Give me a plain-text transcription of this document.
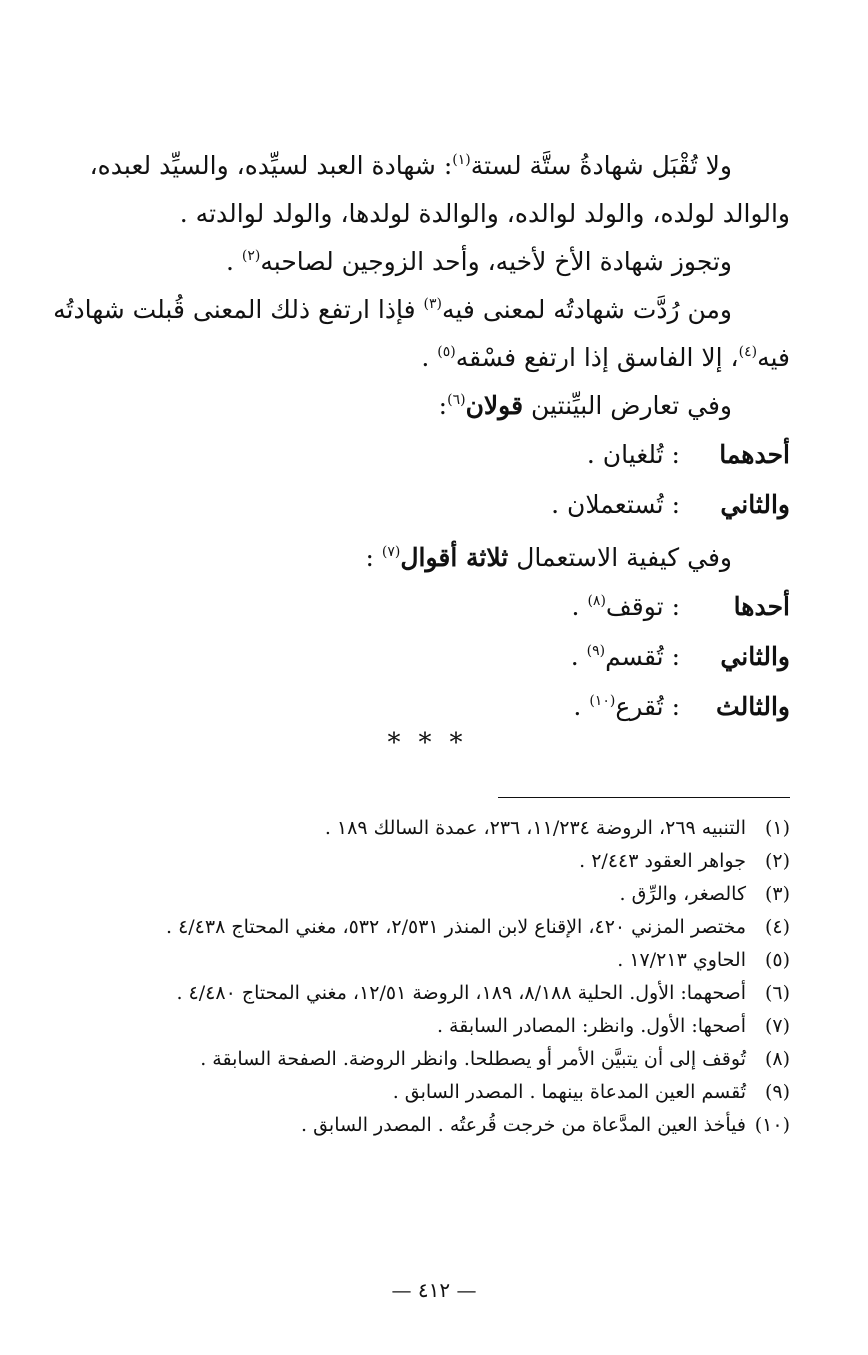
ولا تُقْبَل شهادةُ ستَّة لستة$^{(١)}$: شهادة العبد لسيِّده، والسيِّد لعبده،

والوالد لولده، والولد لوالده، والوالدة لولدها، والولد لوالدته .

وتجوز شهادة الأخ لأخيه، وأحد الزوجين لصاحبه$^{(٢)}$ .

ومن رُدَّت شهادتُه لمعنى فيه$^{(٣)}$ فإذا ارتفع ذلك المعنى قُبلت شهادتُه

فيه$^{(٤)}$، إلا الفاسق إذا ارتفع فسْقه$^{(٥)}$ .

وفي تعارض البيِّنتين قولان$^{(٦)}$:

أحدهما: تُلغيان .
والثاني: تُستعملان .

وفي كيفية الاستعمال ثلاثة أقوال$^{(٧)}$ :

أحدها: توقف$^{(٨)}$ .
والثاني: تُقسم$^{(٩)}$ .
والثالث: تُقرع$^{(١٠)}$ .
***
(١)
التنبيه ٢٦٩، الروضة ١١/٢٣٤، ٢٣٦، عمدة السالك ١٨٩ .
(٢)
جواهر العقود ٢/٤٤٣ .
(٣)
كالصغر، والرِّق .
(٤)
مختصر المزني ٤٢٠، الإقناع لابن المنذر ٢/٥٣١، ٥٣٢، مغني المحتاج ٤/٤٣٨ .
(٥)
الحاوي ١٧/٢١٣ .
(٦)
أصحهما: الأول. الحلية ٨/١٨٨، ١٨٩، الروضة ١٢/٥١، مغني المحتاج ٤/٤٨٠ .
(٧)
أصحها: الأول. وانظر: المصادر السابقة .
(٨)
تُوقف إلى أن يتبيَّن الأمر أو يصطلحا. وانظر الروضة. الصفحة السابقة .
(٩)
تُقسم العين المدعاة بينهما . المصدر السابق .
(١٠)
فيأخذ العين المدَّعاة من خرجت قُرعتُه . المصدر السابق .
— ٤١٢ —
